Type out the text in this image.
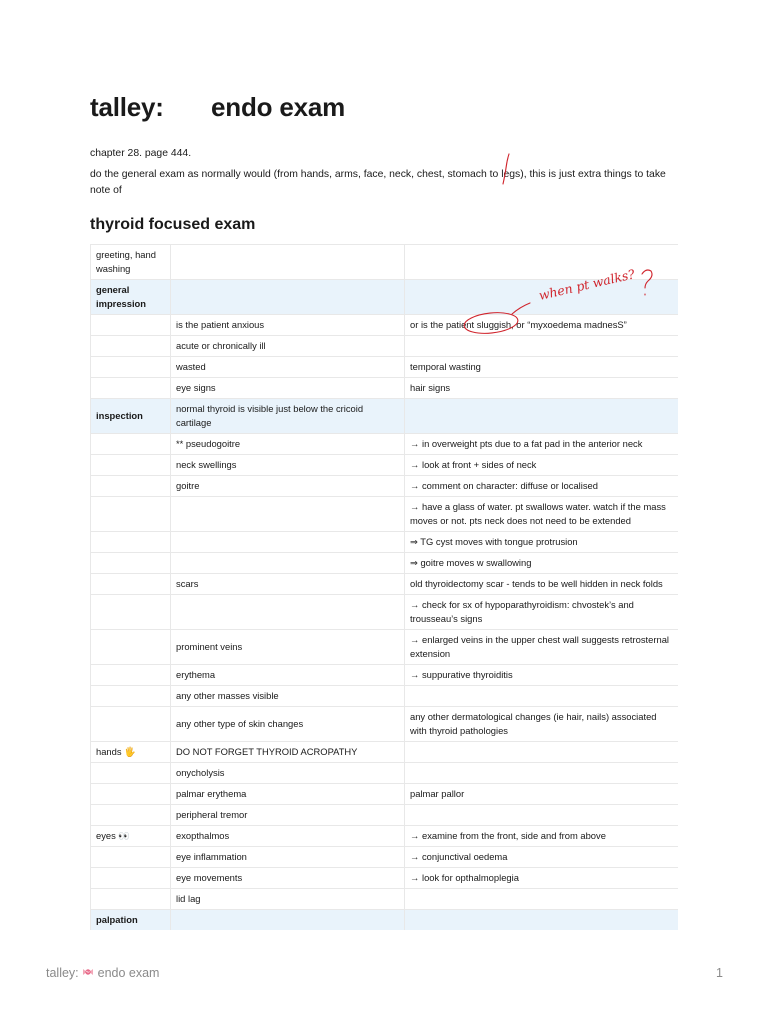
talley: endo exam

chapter 28. page 444.

do the general exam as normally would (from hands, arms, face, neck, chest, stomach to legs), this is just extra things to take note of

thyroid focused exam
greeting, hand washing		
general impression		
	is the patient anxious	or is the patient sluggish, or “myxoedema madnesS”
	acute or chronically ill	
	wasted	temporal wasting
	eye signs	hair signs
inspection	normal thyroid is visible just below the cricoid cartilage	
	** pseudogoitre	→ in overweight pts due to a fat pad in the anterior neck
	neck swellings	→ look at front + sides of neck
	goitre	→ comment on character: diffuse or localised
		→ have a glass of water. pt swallows water. watch if the mass moves or not. pts neck does not need to be extended
		⇒ TG cyst moves with tongue protrusion
		⇒ goitre moves w swallowing
	scars	old thyroidectomy scar - tends to be well hidden in neck folds
		→ check for sx of hypoparathyroidism: chvostek’s and trousseau’s signs
	prominent veins	→ enlarged veins in the upper chest wall suggests retrosternal extension
	erythema	→ suppurative thyroiditis
	any other masses visible	
	any other type of skin changes	any other dermatological changes (ie hair, nails) associated with thyroid pathologies
hands 🖐	DO NOT FORGET THYROID ACROPATHY	
	onycholysis	
	palmar erythema	palmar pallor
	peripheral tremor	
eyes 👀	exopthalmos	→ examine from the front, side and from above
	eye inflammation	→ conjunctival oedema
	eye movements	→ look for opthalmoplegia
	lid lag	
palpation		

when pt walks?
talley: endo exam	1
